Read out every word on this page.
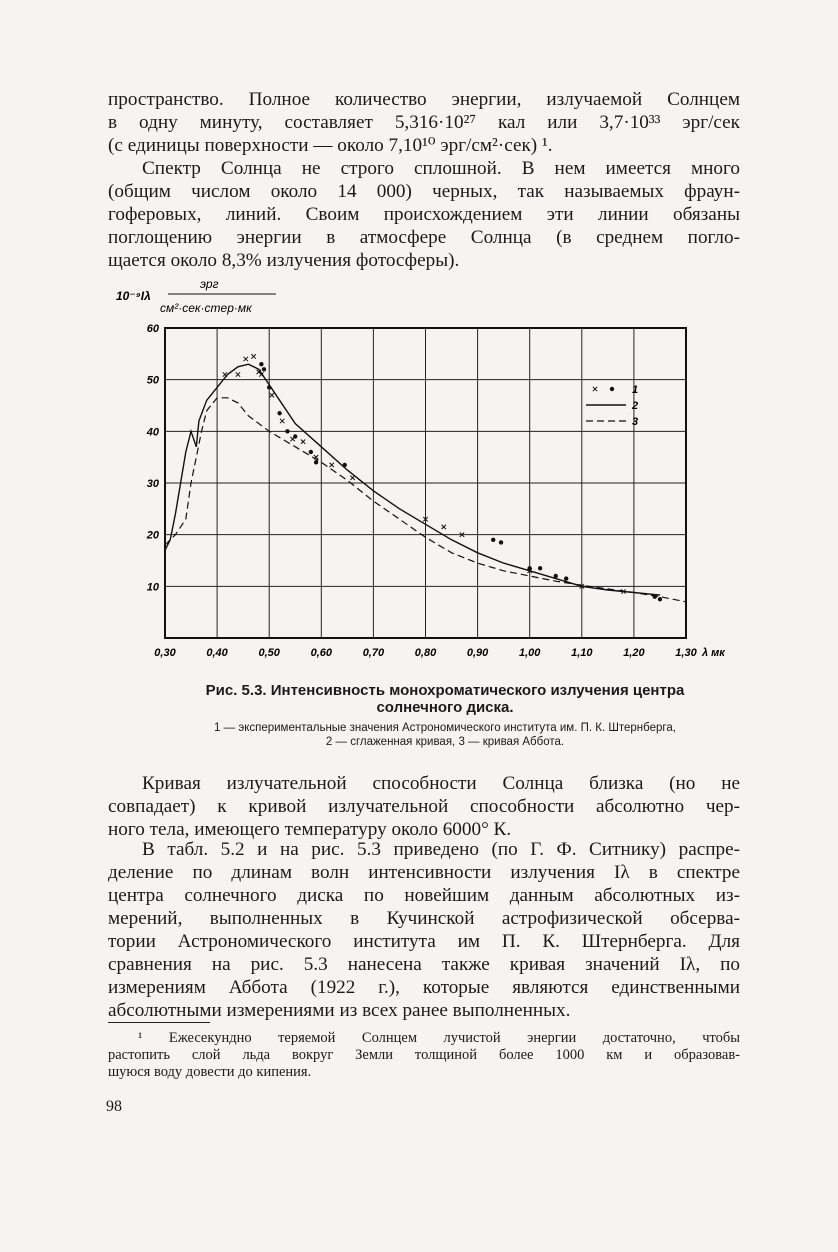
пространство. Полное количество энергии, излучаемой Солнцем
в одну минуту, составляет 5,316·10²⁷ кал или 3,7·10³³ эрг/сек
(с единицы поверхности — около 7,10¹⁰ эрг/см²·сек) ¹.
Спектр Солнца не строго сплошной. В нем имеется много
(общим числом около 14 000) черных, так называемых фраун-
гоферовых, линий. Своим происхождением эти линии обязаны
поглощению энергии в атмосфере Солнца (в среднем погло-
щается около 8,3% излучения фотосферы).
0,30	0,40	0,50	0,60	0,70	0,80	0,90	1,00	1,10	1,20	1,30 λ мк
10
20
30
40
50
60
10⁻⁹Iλ
эрг
см²·сек·стер·мк
1
2
3
Рис. 5.3. Интенсивность монохроматического излучения центра
солнечного диска.
1 — экспериментальные значения Астрономического института им. П. К. Штернберга,
2 — сглаженная кривая, 3 — кривая Аббота.
Кривая излучательной способности Солнца близка (но не
совпадает) к кривой излучательной способности абсолютно чер-
ного тела, имеющего температуру около 6000° К.
В табл. 5.2 и на рис. 5.3 приведено (по Г. Ф. Ситнику) распре-
деление по длинам волн интенсивности излучения Iλ в спектре
центра солнечного диска по новейшим данным абсолютных из-
мерений, выполненных в Кучинской астрофизической обсерва-
тории Астрономического института им П. К. Штернберга. Для
сравнения на рис. 5.3 нанесена также кривая значений Iλ, по
измерениям Аббота (1922 г.), которые являются единственными
абсолютными измерениями из всех ранее выполненных.
¹ Ежесекундно теряемой Солнцем лучистой энергии достаточно, чтобы
растопить слой льда вокруг Земли толщиной более 1000 км и образовав-
шуюся воду довести до кипения.
98
